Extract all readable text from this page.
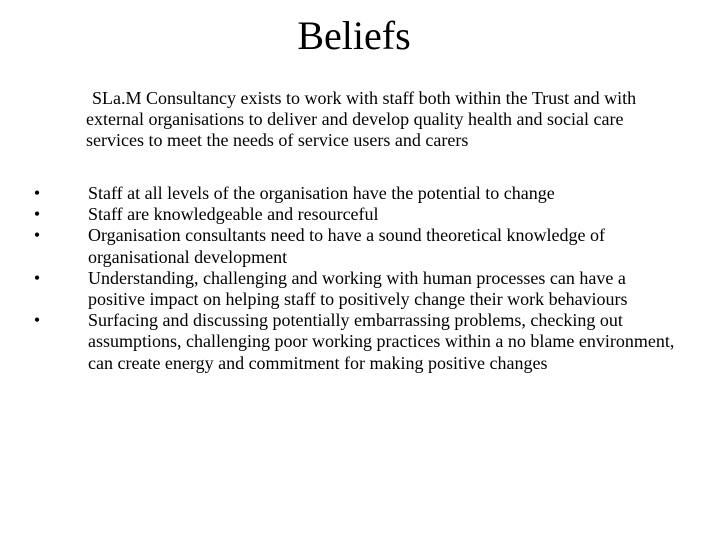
Beliefs

SLa.M Consultancy exists to work with staff both within the Trust and with external organisations to deliver and develop quality health and social care services to meet the needs of service users and carers

•	Staff at all levels of the organisation have the potential to change
•	Staff are knowledgeable and resourceful
•	Organisation consultants need to have a sound theoretical knowledge of organisational development
•	Understanding, challenging and working with human processes can have a positive impact on helping staff to positively change their work behaviours
•	Surfacing and discussing potentially embarrassing problems, checking out assumptions, challenging poor working practices within a no blame environment, can create energy and commitment for making positive changes
